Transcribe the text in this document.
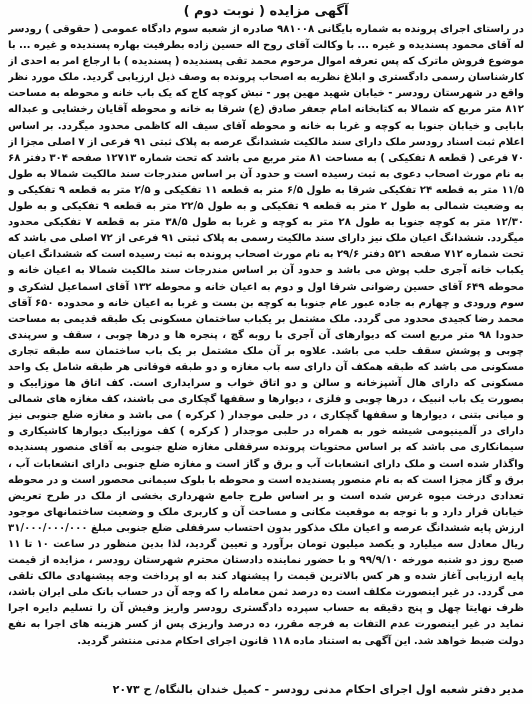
آگهی مزایده ( نوبت دوم )
در راستای اجرای پرونده به شماره بایگانی ۹۸۱۰۰۸ صادره از شعبه سوم دادگاه عمومی ( حقوقی ) رودسر له آقای محمود پسندیده و غیره ... با وکالت آقای روح اله حسین زاده بطرفیت بهاره پسندیده و غیره ... با موضوع فروش ماترک که پس تعرفه اموال مرحوم محمد تقی پسندیده ( پسندیده ) با ارجاع امر به احدی از کارشناسان رسمی دادگستری و ابلاغ نظریه به اصحاب پرونده به وصف ذیل ارزیابی گردید. ملک مورد نظر واقع در شهرستان رودسر - خیابان شهید مهین پور - نبش کوچه کاج که یک باب خانه و محوطه به مساحت ۸۱۲ متر مربع که شمالا به کتابخانه امام جعفر صادق (ع) شرقا به خانه و محوطه آقایان رخشایی و عبداله بابایی و خیابان جنوبا به کوچه و غربا به خانه و محوطه آقای سیف اله کاظمی محدود میگردد. بر اساس اعلام ثبت اسناد رودسر ملک دارای سند مالکیت ششدانگ عرصه به پلاک ثبتی ۹۱ فرعی از ۷ اصلی مجزا از ۷۰ فرعی ( قطعه ۸ تفکیکی ) به مساحت ۸۱ متر مربع می باشد که تحت شماره ۱۲۷۱۳ صفحه ۳۰۴ دفتر ۶۸ به نام مورث اصحاب دعوی به ثبت رسیده است و حدود آن بر اساس مندرجات سند مالکیت شمالا به طول ۱۱/۵ متر به قطعه ۲۴ تفکیکی شرقا به طول ۶/۵ متر به قطعه ۱۱ تفکیکی و ۲/۵ متر به قطعه ۹ تفکیکی و به وضعیت شمالی به طول ۲ متر به قطعه ۹ تفکیکی و به طول ۲۲/۵ متر به قطعه ۹ تفکیکی و به طول ۱۲/۳۰ متر به کوچه جنوبا به طول ۲۸ متر به کوچه و غربا به طول ۳۸/۵ متر به قطعه ۷ تفکیکی محدود میگردد. ششدانگ اعیان ملک نیز دارای سند مالکیت رسمی به پلاک ثبتی ۹۱ فرعی از ۷۲ اصلی می باشد که تحت شماره ۷۱۲ صفحه ۵۲۱ دفتر ۲۹/۶ به نام مورث اصحاب پرونده به ثبت رسیده است که ششدانگ اعیان یکباب خانه آجری حلب پوش می باشد و حدود آن بر اساس مندرجات سند مالکیت شمالا به اعیان خانه و محوطه ۶۴۹ آقای حسین رضوانی شرقا اول و دوم به اعیان خانه و محوطه ۱۳۲ آقای اسماعیل لشکری و سوم ورودی و چهارم به جاده عبور عام جنوبا به کوچه بن بست و غربا به اعیان خانه و محدوده ۶۵۰ آقای محمد رضا کجیدی محدود می گردد. ملک مشتمل بر یکباب ساختمان مسکونی یک طبقه قدیمی به مساحت حدودا ۹۸ متر مربع است که دیوارهای آن آجری با روبه گچ ، پنجره ها و درها چوبی ، سقف و سرپندی چوبی و پوشش سقف حلب می باشد. علاوه بر آن ملک مشتمل بر یک باب ساختمان سه طبقه تجاری مسکونی می باشد که طبقه همکف آن دارای سه باب مغازه و دو طبقه فوقانی هر طبقه شامل یک واحد مسکونی که دارای هال آشپزخانه و سالن و دو اتاق خواب و سرایداری است. کف اتاق ها موزاییک و بصورت یک باب انبیک ، درها چوبی و فلزی ، دیوارها و سقفها گچکاری می باشند، کف مغازه های شمالی و میانی بتنی ، دیوارها و سقفها گچکاری ، در حلبی موجدار ( کرکره ) می باشد و مغازه ضلع جنوبی نیز دارای در آلمینیومی شیشه خور به همراه در حلبی موجدار ( کرکره ) کف موزاییک دیوارها کاشیکاری و سیمانکاری می باشد که بر اساس محتویات پرونده سرقفلی مغازه ضلع جنوبی به آقای منصور پسندیده واگذار شده است و ملک دارای انشعابات آب و برق و گاز است و مغازه ضلع جنوبی دارای انشعابات آب ، برق و گاز مجزا است که به نام منصور پسندیده است و محوطه با بلوک سیمانی محصور است و در محوطه تعدادی درخت میوه غرس شده است و بر اساس طرح جامع شهرداری بخشی از ملک در طرح تعریض خیابان قرار دارد و با توجه به موقعیت مکانی و مساحت آن و کاربری ملک و وضعیت ساختمانهای موجود ارزش پایه ششدانگ عرصه و اعیان ملک مذکور بدون احتساب سرقفلی ضلع جنوبی مبلغ ۳۱/۰۰۰/۰۰۰/۰۰۰ ریال معادل سه میلیارد و یکصد میلیون تومان برآورد و تعیین گردید، لذا بدین منظور در ساعت ۱۰ تا ۱۱ صبح روز دو شنبه مورخه ۹۹/۹/۱۰ و با حضور نماینده دادستان محترم شهرستان رودسر ، مزایده از قیمت پایه ارزیابی آغاز شده و هر کس بالاترین قیمت را پیشنهاد کند به او پرداخت وجه پیشنهادی مالک تلقی می گردد. در غیر اینصورت مکلف است ده درصد ثمن معامله را که وجه آن در حساب بانک ملی ایران باشد، ظرف نهایتا چهل و پنج دقیقه به حساب سپرده دادگستری رودسر واریز وفیش آن را تسلیم دایره اجرا نماید در غیر اینصورت عدم التفات به فرجه مقرر، ده درصد واریزی پس از کسر هزینه های اجرا به نفع دولت ضبط خواهد شد. این آگهی به استناد ماده ۱۱۸ قانون اجرای احکام مدنی منتشر گردید.
مدیر دفتر شعبه اول اجرای احکام مدنی رودسر - کمیل خندان بالنگاه
ح ۲۰۷۳ /
